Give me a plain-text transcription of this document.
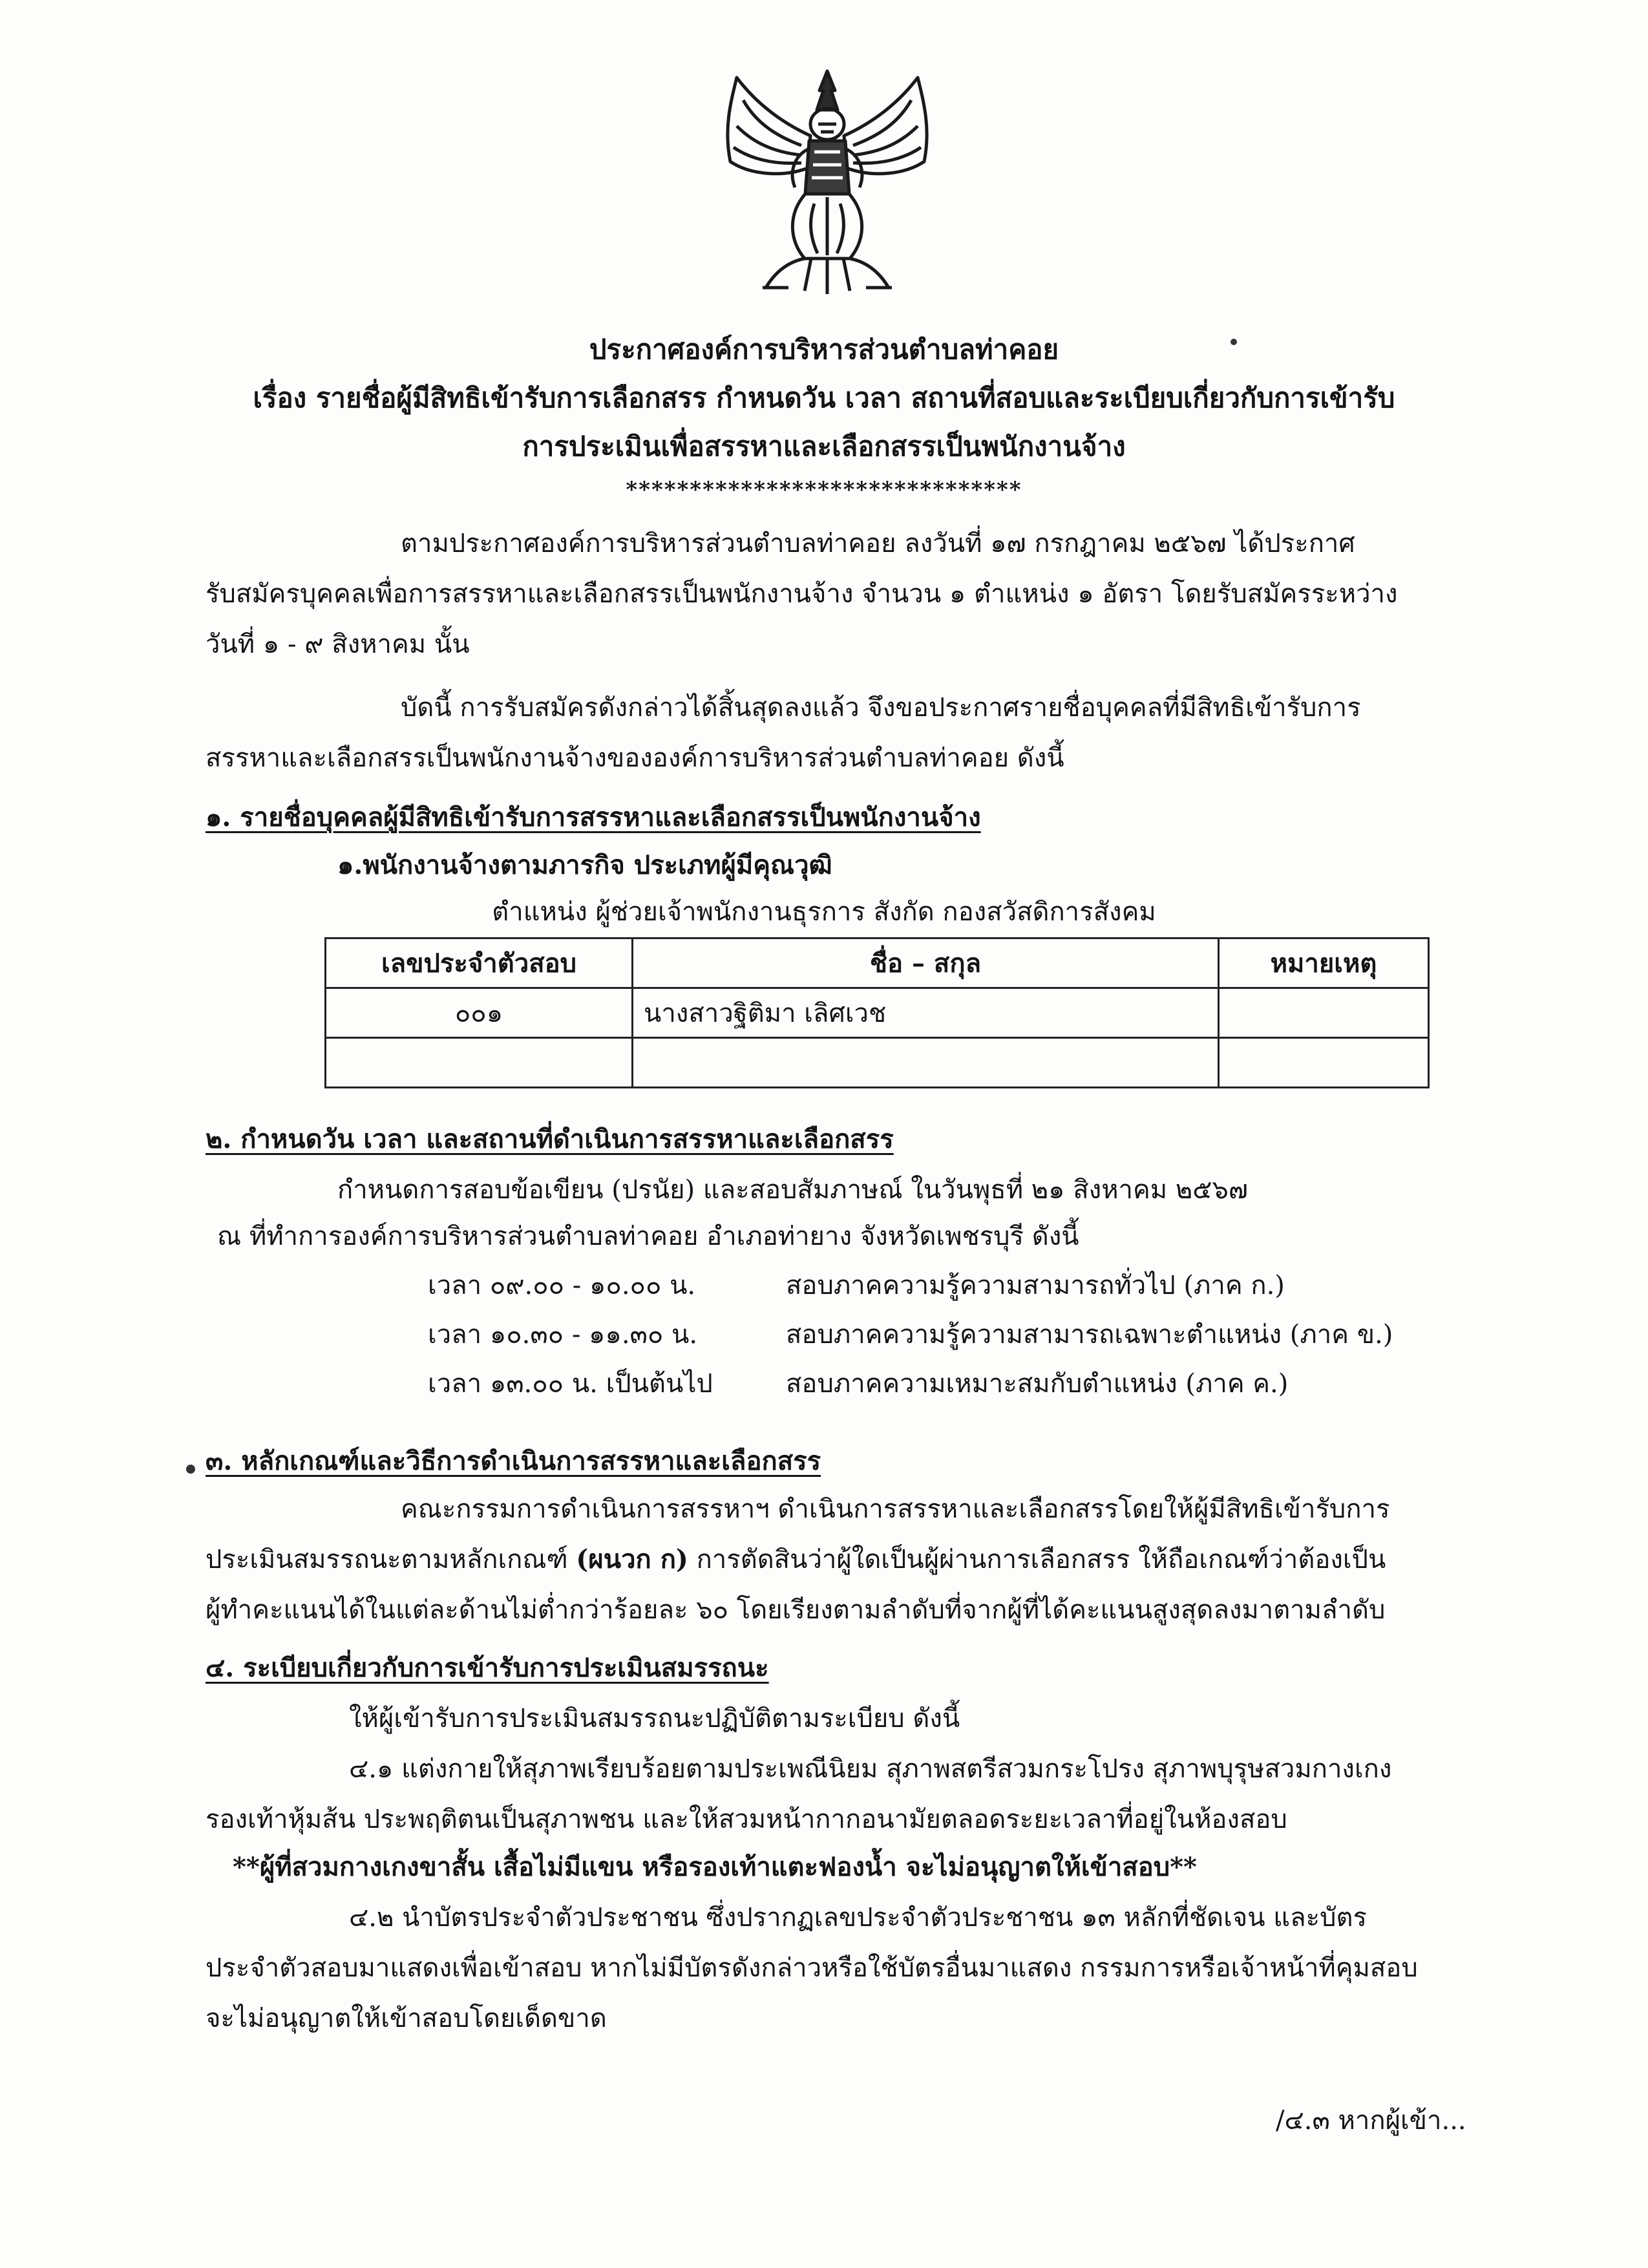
ประกาศองค์การบริหารส่วนตำบลท่าคอย
เรื่อง รายชื่อผู้มีสิทธิเข้ารับการเลือกสรร กำหนดวัน เวลา สถานที่สอบและระเบียบเกี่ยวกับการเข้ารับ
การประเมินเพื่อสรรหาและเลือกสรรเป็นพนักงานจ้าง
*******************************
ตามประกาศองค์การบริหารส่วนตำบลท่าคอย ลงวันที่ ๑๗ กรกฎาคม ๒๕๖๗ ได้ประกาศ
รับสมัครบุคคลเพื่อการสรรหาและเลือกสรรเป็นพนักงานจ้าง จำนวน ๑ ตำแหน่ง ๑ อัตรา โดยรับสมัครระหว่าง
วันที่ ๑ - ๙ สิงหาคม นั้น
บัดนี้ การรับสมัครดังกล่าวได้สิ้นสุดลงแล้ว จึงขอประกาศรายชื่อบุคคลที่มีสิทธิเข้ารับการ
สรรหาและเลือกสรรเป็นพนักงานจ้างขององค์การบริหารส่วนตำบลท่าคอย ดังนี้
๑. รายชื่อบุคคลผู้มีสิทธิเข้ารับการสรรหาและเลือกสรรเป็นพนักงานจ้าง
๑.พนักงานจ้างตามภารกิจ ประเภทผู้มีคุณวุฒิ
ตำแหน่ง ผู้ช่วยเจ้าพนักงานธุรการ สังกัด กองสวัสดิการสังคม
เลขประจำตัวสอบ	ชื่อ – สกุล	หมายเหตุ
๐๐๑	นางสาวฐิติมา เลิศเวช	

๒. กำหนดวัน เวลา และสถานที่ดำเนินการสรรหาและเลือกสรร
กำหนดการสอบข้อเขียน (ปรนัย) และสอบสัมภาษณ์ ในวันพุธที่ ๒๑ สิงหาคม ๒๕๖๗
ณ ที่ทำการองค์การบริหารส่วนตำบลท่าคอย อำเภอท่ายาง จังหวัดเพชรบุรี ดังนี้
เวลา ๐๙.๐๐ - ๑๐.๐๐ น.	สอบภาคความรู้ความสามารถทั่วไป (ภาค ก.)
เวลา ๑๐.๓๐ - ๑๑.๓๐ น.	สอบภาคความรู้ความสามารถเฉพาะตำแหน่ง (ภาค ข.)
เวลา ๑๓.๐๐ น. เป็นต้นไป	สอบภาคความเหมาะสมกับตำแหน่ง (ภาค ค.)
๓. หลักเกณฑ์และวิธีการดำเนินการสรรหาและเลือกสรร
คณะกรรมการดำเนินการสรรหาฯ ดำเนินการสรรหาและเลือกสรรโดยให้ผู้มีสิทธิเข้ารับการ
ประเมินสมรรถนะตามหลักเกณฑ์ (ผนวก ก) การตัดสินว่าผู้ใดเป็นผู้ผ่านการเลือกสรร ให้ถือเกณฑ์ว่าต้องเป็น
ผู้ทำคะแนนได้ในแต่ละด้านไม่ต่ำกว่าร้อยละ ๖๐ โดยเรียงตามลำดับที่จากผู้ที่ได้คะแนนสูงสุดลงมาตามลำดับ
๔. ระเบียบเกี่ยวกับการเข้ารับการประเมินสมรรถนะ
ให้ผู้เข้ารับการประเมินสมรรถนะปฏิบัติตามระเบียบ ดังนี้
๔.๑ แต่งกายให้สุภาพเรียบร้อยตามประเพณีนิยม สุภาพสตรีสวมกระโปรง สุภาพบุรุษสวมกางเกง
รองเท้าหุ้มส้น ประพฤติตนเป็นสุภาพชน และให้สวมหน้ากากอนามัยตลอดระยะเวลาที่อยู่ในห้องสอบ
**ผู้ที่สวมกางเกงขาสั้น เสื้อไม่มีแขน หรือรองเท้าแตะฟองน้ำ จะไม่อนุญาตให้เข้าสอบ**
๔.๒ นำบัตรประจำตัวประชาชน ซึ่งปรากฏเลขประจำตัวประชาชน ๑๓ หลักที่ชัดเจน และบัตร
ประจำตัวสอบมาแสดงเพื่อเข้าสอบ หากไม่มีบัตรดังกล่าวหรือใช้บัตรอื่นมาแสดง กรรมการหรือเจ้าหน้าที่คุมสอบ
จะไม่อนุญาตให้เข้าสอบโดยเด็ดขาด
/๔.๓ หากผู้เข้า...
